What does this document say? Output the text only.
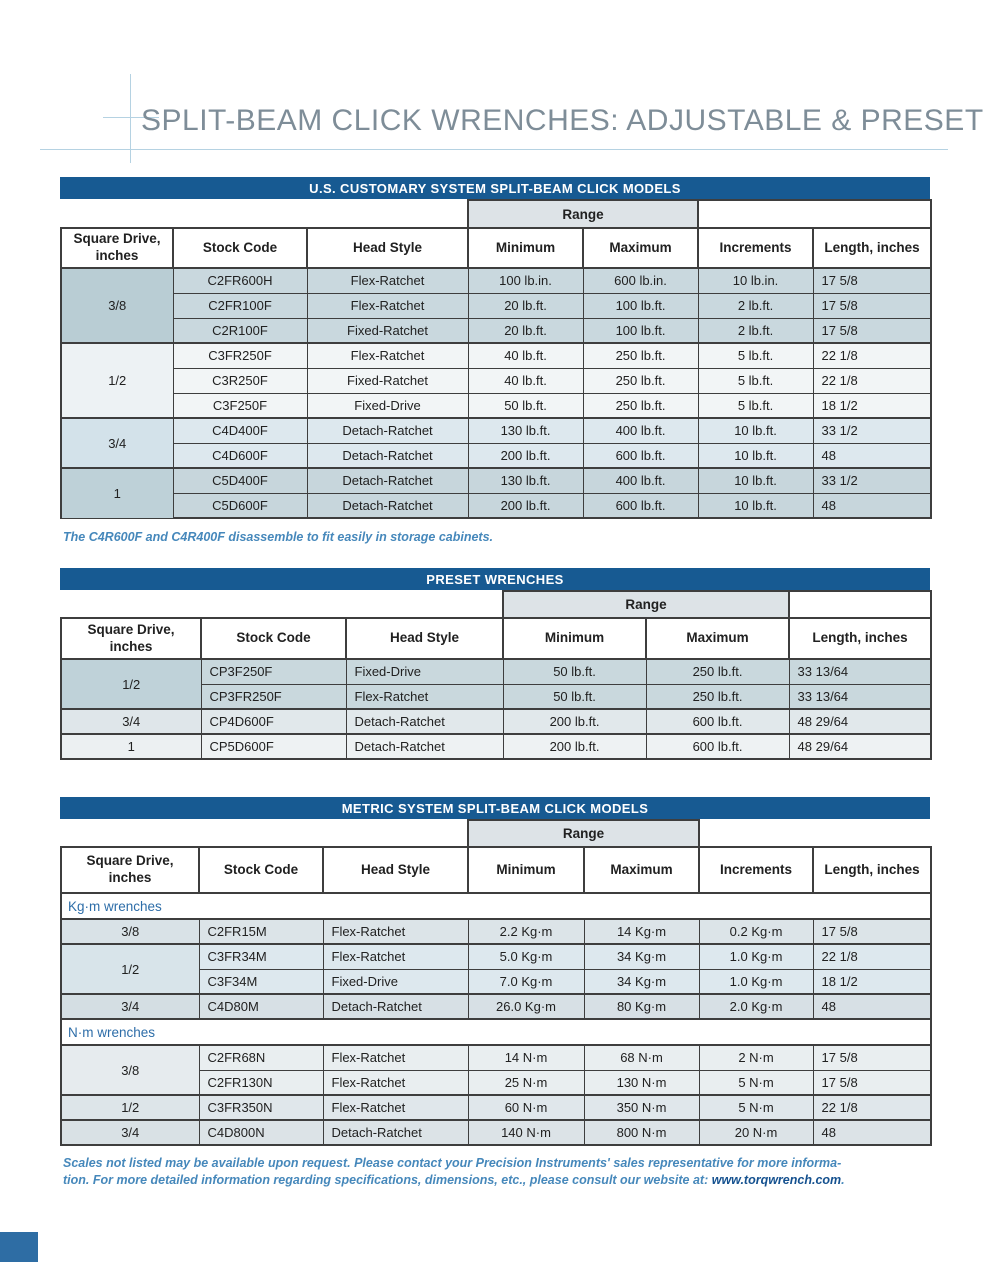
SPLIT-BEAM CLICK WRENCHES: ADJUSTABLE & PRESET
U.S. CUSTOMARY SYSTEM SPLIT-BEAM CLICK MODELS
			Range			
Square Drive,
inches	Stock Code	Head Style	Minimum	Maximum	Increments	Length, inches
3/8	C2FR600H	Flex-Ratchet	100 lb.in.	600 lb.in.	10 lb.in.	17 5/8
	C2FR100F	Flex-Ratchet	20 lb.ft.	100 lb.ft.	2 lb.ft.	17 5/8
	C2R100F	Fixed-Ratchet	20 lb.ft.	100 lb.ft.	2 lb.ft.	17 5/8
1/2	C3FR250F	Flex-Ratchet	40 lb.ft.	250 lb.ft.	5 lb.ft.	22 1/8
	C3R250F	Fixed-Ratchet	40 lb.ft.	250 lb.ft.	5 lb.ft.	22 1/8
	C3F250F	Fixed-Drive	50 lb.ft.	250 lb.ft.	5 lb.ft.	18 1/2
3/4	C4D400F	Detach-Ratchet	130 lb.ft.	400 lb.ft.	10 lb.ft.	33 1/2
	C4D600F	Detach-Ratchet	200 lb.ft.	600 lb.ft.	10 lb.ft.	48
1	C5D400F	Detach-Ratchet	130 lb.ft.	400 lb.ft.	10 lb.ft.	33 1/2
	C5D600F	Detach-Ratchet	200 lb.ft.	600 lb.ft.	10 lb.ft.	48
The C4R600F and C4R400F disassemble to fit easily in storage cabinets.
PRESET WRENCHES
			Range		
Square Drive,
inches	Stock Code	Head Style	Minimum	Maximum	Length, inches
1/2	CP3F250F	Fixed-Drive	50 lb.ft.	250 lb.ft.	33 13/64
	CP3FR250F	Flex-Ratchet	50 lb.ft.	250 lb.ft.	33 13/64
3/4	CP4D600F	Detach-Ratchet	200 lb.ft.	600 lb.ft.	48 29/64
1	CP5D600F	Detach-Ratchet	200 lb.ft.	600 lb.ft.	48 29/64
METRIC SYSTEM SPLIT-BEAM CLICK MODELS
			Range			
Square Drive,
inches	Stock Code	Head Style	Minimum	Maximum	Increments	Length, inches
Kg·m wrenches						
3/8	C2FR15M	Flex-Ratchet	2.2 Kg·m	14 Kg·m	0.2 Kg·m	17 5/8
1/2	C3FR34M	Flex-Ratchet	5.0 Kg·m	34 Kg·m	1.0 Kg·m	22 1/8
	C3F34M	Fixed-Drive	7.0 Kg·m	34 Kg·m	1.0 Kg·m	18 1/2
3/4	C4D80M	Detach-Ratchet	26.0 Kg·m	80 Kg·m	2.0 Kg·m	48
N·m wrenches						
3/8	C2FR68N	Flex-Ratchet	14 N·m	68 N·m	2 N·m	17 5/8
	C2FR130N	Flex-Ratchet	25 N·m	130 N·m	5 N·m	17 5/8
1/2	C3FR350N	Flex-Ratchet	60 N·m	350 N·m	5 N·m	22 1/8
3/4	C4D800N	Detach-Ratchet	140 N·m	800 N·m	20 N·m	48
Scales not listed may be available upon request. Please contact your Precision Instruments' sales representative for more informa-
tion. For more detailed information regarding specifications, dimensions, etc., please consult our website at: www.torqwrench.com.
